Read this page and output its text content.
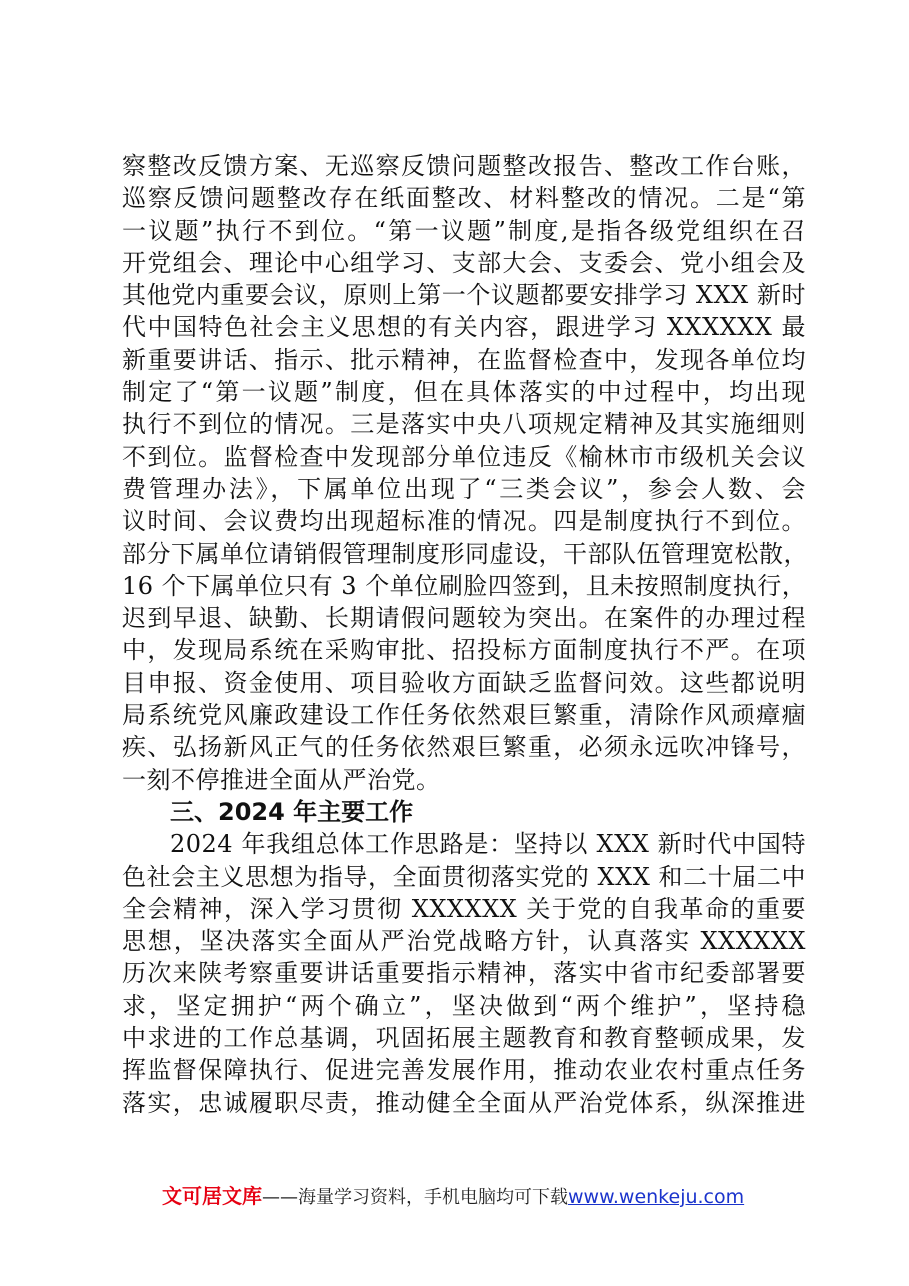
察整改反馈方案、无巡察反馈问题整改报告、整改工作台账，
巡察反馈问题整改存在纸面整改、材料整改的情况。二是“第
一议题”执行不到位。“第一议题”制度,是指各级党组织在召
开党组会、理论中心组学习、支部大会、支委会、党小组会及
其他党内重要会议，原则上第一个议题都要安排学习 XXX 新时
代中国特色社会主义思想的有关内容，跟进学习 XXXXXX 最
新重要讲话、指示、批示精神，在监督检查中，发现各单位均
制定了“第一议题”制度，但在具体落实的中过程中，均出现
执行不到位的情况。三是落实中央八项规定精神及其实施细则
不到位。监督检查中发现部分单位违反《榆林市市级机关会议
费管理办法》，下属单位出现了“三类会议”，参会人数、会
议时间、会议费均出现超标准的情况。四是制度执行不到位。
部分下属单位请销假管理制度形同虚设，干部队伍管理宽松散，
16 个下属单位只有 3 个单位刷脸四签到，且未按照制度执行，
迟到早退、缺勤、长期请假问题较为突出。在案件的办理过程
中，发现局系统在采购审批、招投标方面制度执行不严。在项
目申报、资金使用、项目验收方面缺乏监督问效。这些都说明
局系统党风廉政建设工作任务依然艰巨繁重，清除作风顽瘴痼
疾、弘扬新风正气的任务依然艰巨繁重，必须永远吹冲锋号，
一刻不停推进全面从严治党。
三、2024 年主要工作
2024 年我组总体工作思路是：坚持以 XXX 新时代中国特
色社会主义思想为指导，全面贯彻落实党的 XXX 和二十届二中
全会精神，深入学习贯彻 XXXXXX 关于党的自我革命的重要
思想，坚决落实全面从严治党战略方针，认真落实 XXXXXX
历次来陕考察重要讲话重要指示精神，落实中省市纪委部署要
求，坚定拥护“两个确立”，坚决做到“两个维护”，坚持稳
中求进的工作总基调，巩固拓展主题教育和教育整顿成果，发
挥监督保障执行、促进完善发展作用，推动农业农村重点任务
落实，忠诚履职尽责，推动健全全面从严治党体系，纵深推进
文可居文库——海量学习资料，手机电脑均可下载www.wenkeju.com
